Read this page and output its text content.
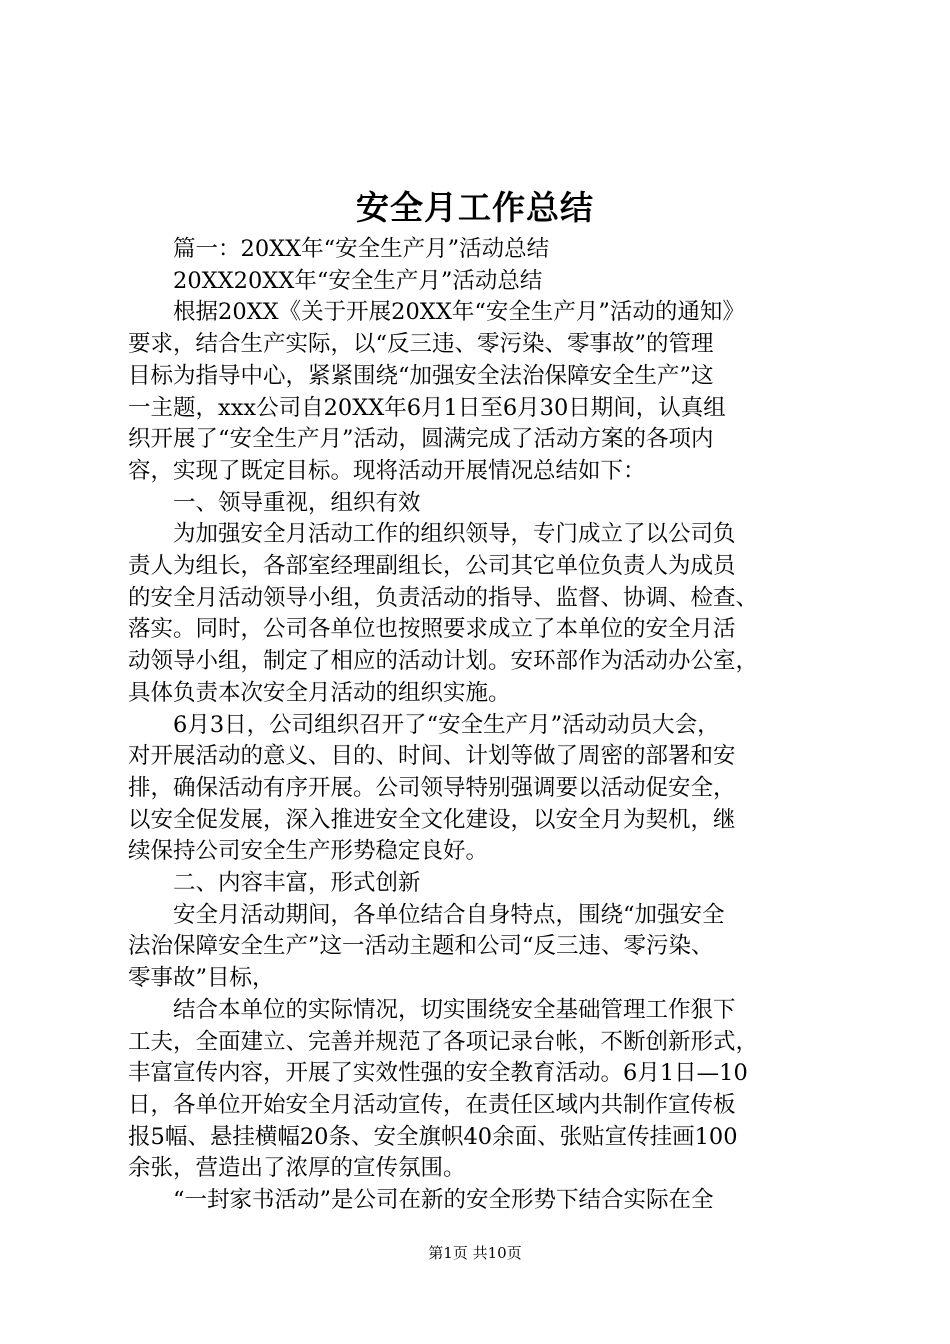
安全月工作总结

篇一：20XX年“安全生产月”活动总结

20XX20XX年“安全生产月”活动总结

根据20XX《关于开展20XX年“安全生产月”活动的通知》

要求，结合生产实际，以“反三违、零污染、零事故”的管理

目标为指导中心，紧紧围绕“加强安全法治保障安全生产”这

一主题，xxx公司自20XX年6月1日至6月30日期间，认真组

织开展了“安全生产月”活动，圆满完成了活动方案的各项内

容，实现了既定目标。现将活动开展情况总结如下：

一、领导重视，组织有效

为加强安全月活动工作的组织领导，专门成立了以公司负

责人为组长，各部室经理副组长，公司其它单位负责人为成员

的安全月活动领导小组，负责活动的指导、监督、协调、检查、

落实。同时，公司各单位也按照要求成立了本单位的安全月活

动领导小组，制定了相应的活动计划。安环部作为活动办公室，

具体负责本次安全月活动的组织实施。

6月3日，公司组织召开了“安全生产月”活动动员大会，

对开展活动的意义、目的、时间、计划等做了周密的部署和安

排，确保活动有序开展。公司领导特别强调要以活动促安全，

以安全促发展，深入推进安全文化建设，以安全月为契机，继

续保持公司安全生产形势稳定良好。

二、内容丰富，形式创新

安全月活动期间，各单位结合自身特点，围绕“加强安全

法治保障安全生产”这一活动主题和公司“反三违、零污染、

零事故”目标，

结合本单位的实际情况，切实围绕安全基础管理工作狠下

工夫，全面建立、完善并规范了各项记录台帐，不断创新形式，

丰富宣传内容，开展了实效性强的安全教育活动。6月1日—10

日，各单位开始安全月活动宣传，在责任区域内共制作宣传板

报5幅、悬挂横幅20条、安全旗帜40余面、张贴宣传挂画100

余张，营造出了浓厚的宣传氛围。

“一封家书活动”是公司在新的安全形势下结合实际在全

第1页 共10页
